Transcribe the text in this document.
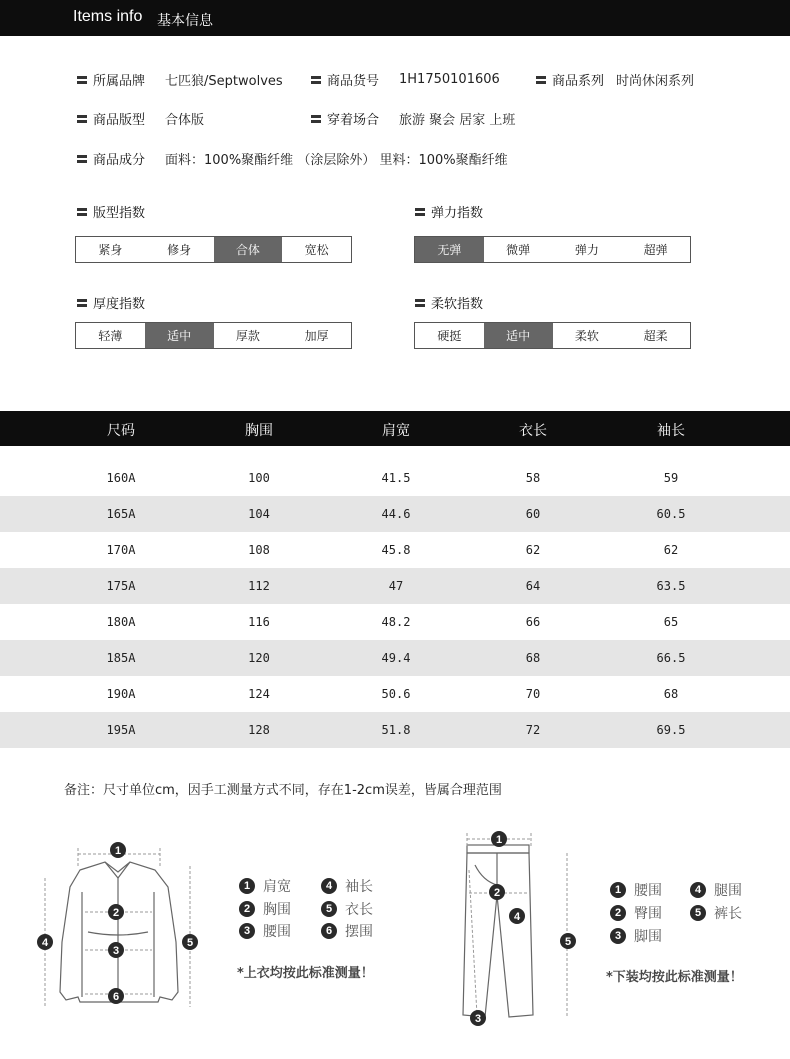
Items info 基本信息
所属品牌 七匹狼/Septwolves	商品货号 1H1750101606	商品系列 时尚休闲系列
商品版型 合体版	穿着场合 旅游 聚会 居家 上班
商品成分 面料：100%聚酯纤维 （涂层除外） 里料：100%聚酯纤维
版型指数
紧身	修身	合体	宽松
弹力指数
无弹	微弹	弹力	超弹
厚度指数
轻薄	适中	厚款	加厚
柔软指数
硬挺	适中	柔软	超柔
尺码	胸围	肩宽	衣长	袖长
160A	100	41.5	58	59
165A	104	44.6	60	60.5
170A	108	45.8	62	62
175A	112	47	64	63.5
180A	116	48.2	66	65
185A	120	49.4	68	66.5
190A	124	50.6	70	68
195A	128	51.8	72	69.5
备注：尺寸单位cm，因手工测量方式不同，存在1-2cm误差，皆属合理范围
1
2
3
4	5
6
1 肩宽	4 袖长
2 胸围	5 衣长
3 腰围	6 摆围
*上衣均按此标准测量！
1
2
3
4
5
1 腰围	4 腿围
2 臀围	5 裤长
3 脚围
*下装均按此标准测量！
